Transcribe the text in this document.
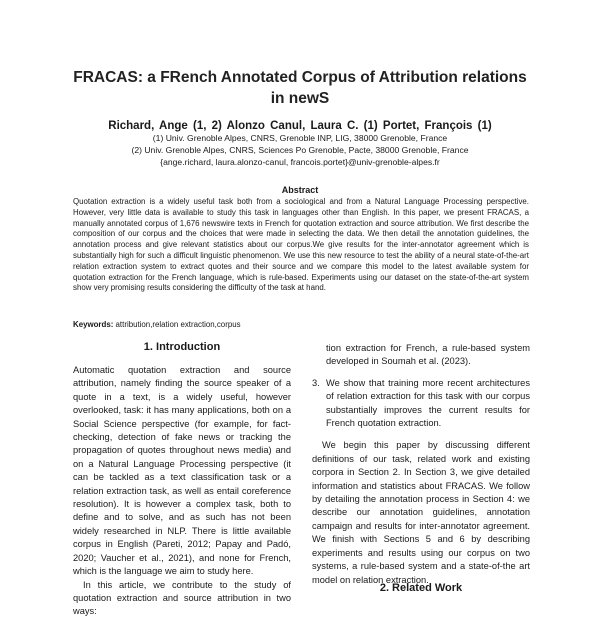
FRACAS: a FRench Annotated Corpus of Attribution relations in newS
Richard, Ange (1, 2) Alonzo Canul, Laura C. (1) Portet, François (1)
(1) Univ. Grenoble Alpes, CNRS, Grenoble INP, LIG, 38000 Grenoble, France
(2) Univ. Grenoble Alpes, CNRS, Sciences Po Grenoble, Pacte, 38000 Grenoble, France
{ange.richard, laura.alonzo-canul, francois.portet}@univ-grenoble-alpes.fr
Abstract
Quotation extraction is a widely useful task both from a sociological and from a Natural Language Processing perspective. However, very little data is available to study this task in languages other than English. In this paper, we present FRACAS, a manually annotated corpus of 1,676 newswire texts in French for quotation extraction and source attribution. We first describe the composition of our corpus and the choices that were made in selecting the data. We then detail the annotation guidelines, the annotation process and give relevant statistics about our corpus.We give results for the inter-annotator agreement which is substantially high for such a difficult linguistic phenomenon. We use this new resource to test the ability of a neural state-of-the-art relation extraction system to extract quotes and their source and we compare this model to the latest available system for quotation extraction for the French language, which is rule-based. Experiments using our dataset on the state-of-the-art system show very promising results considering the difficulty of the task at hand.
Keywords: attribution,relation extraction,corpus
1. Introduction

Automatic quotation extraction and source attribution, namely finding the source speaker of a quote in a text, is a widely useful, however overlooked, task: it has many applications, both on a Social Science perspective (for example, for fact-checking, detection of fake news or tracking the propagation of quotes throughout news media) and on a Natural Language Processing perspective (it can be tackled as a text classification task or a relation extraction task, as well as entail coreference resolution). It is however a complex task, both to define and to solve, and as such has not been widely researched in NLP. There is little available corpus in English (Pareti, 2012; Papay and Padó, 2020; Vaucher et al., 2021), and none for French, which is the language we aim to study here.

In this article, we contribute to the study of quotation extraction and source attribution in two ways:

tion extraction for French, a rule-based system developed in Soumah et al. (2023).

3. We show that training more recent architectures of relation extraction for this task with our corpus substantially improves the current results for French quotation extraction.

We begin this paper by discussing different definitions of our task, related work and existing corpora in Section 2. In Section 3, we give detailed information and statistics about FRACAS. We follow by detailing the annotation process in Section 4: we describe our annotation guidelines, annotation campaign and results for inter-annotator agreement. We finish with Sections 5 and 6 by describing experiments and results using our corpus on two systems, a rule-based system and a state-of-the art model on relation extraction.

2. Related Work
